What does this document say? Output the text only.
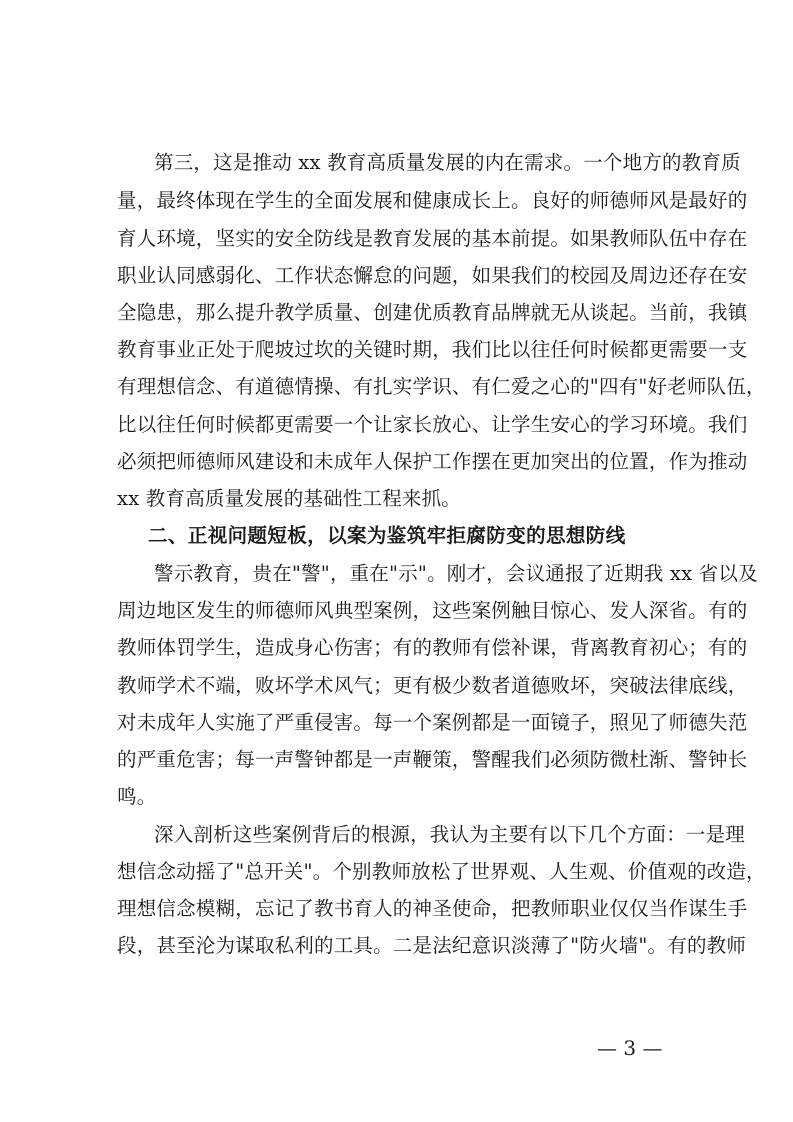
第三，这是推动 xx 教育高质量发展的内在需求。一个地方的教育质
量，最终体现在学生的全面发展和健康成长上。良好的师德师风是最好的
育人环境，坚实的安全防线是教育发展的基本前提。如果教师队伍中存在
职业认同感弱化、工作状态懈怠的问题，如果我们的校园及周边还存在安
全隐患，那么提升教学质量、创建优质教育品牌就无从谈起。当前，我镇
教育事业正处于爬坡过坎的关键时期，我们比以往任何时候都更需要一支
有理想信念、有道德情操、有扎实学识、有仁爱之心的"四有"好老师队伍，
比以往任何时候都更需要一个让家长放心、让学生安心的学习环境。我们
必须把师德师风建设和未成年人保护工作摆在更加突出的位置，作为推动
xx 教育高质量发展的基础性工程来抓。
二、正视问题短板，以案为鉴筑牢拒腐防变的思想防线
警示教育，贵在"警"，重在"示"。刚才，会议通报了近期我 xx 省以及
周边地区发生的师德师风典型案例，这些案例触目惊心、发人深省。有的
教师体罚学生，造成身心伤害；有的教师有偿补课，背离教育初心；有的
教师学术不端，败坏学术风气；更有极少数者道德败坏，突破法律底线，
对未成年人实施了严重侵害。每一个案例都是一面镜子，照见了师德失范
的严重危害；每一声警钟都是一声鞭策，警醒我们必须防微杜渐、警钟长
鸣。
深入剖析这些案例背后的根源，我认为主要有以下几个方面：一是理
想信念动摇了"总开关"。个别教师放松了世界观、人生观、价值观的改造，
理想信念模糊，忘记了教书育人的神圣使命，把教师职业仅仅当作谋生手
段，甚至沦为谋取私利的工具。二是法纪意识淡薄了"防火墙"。有的教师
— 3 —
